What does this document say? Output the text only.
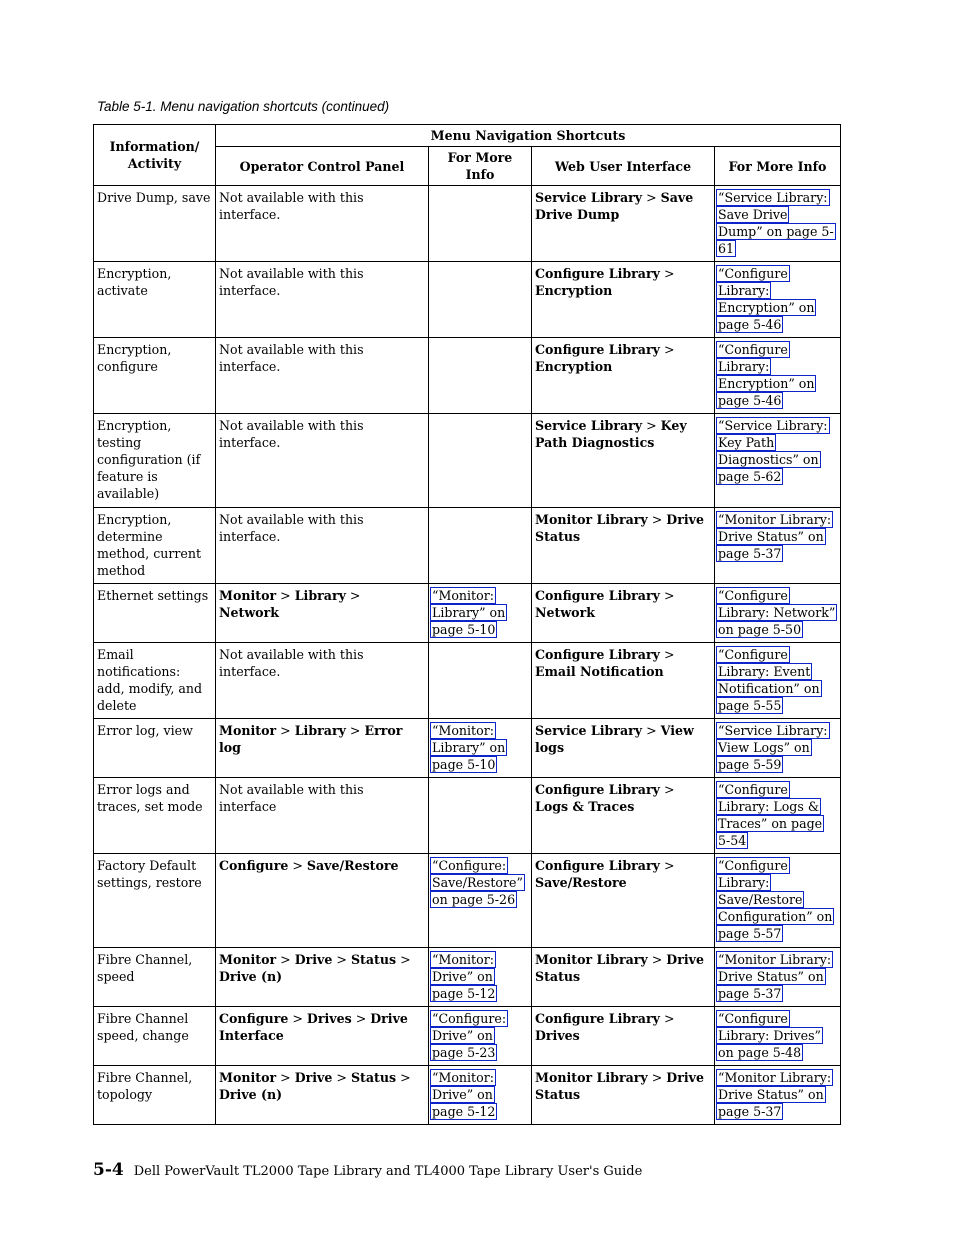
Table 5-1. Menu navigation shortcuts (continued)
Information/ Activity	Menu Navigation Shortcuts			
	Operator Control Panel	For More Info	Web User Interface	For More Info
Drive Dump, save	Not available with this interface.		Service Library > Save Drive Dump	“Service Library: Save Drive Dump” on page 5-61
Encryption, activate	Not available with this interface.		Configure Library > Encryption	“Configure Library: Encryption” on page 5-46
Encryption, configure	Not available with this interface.		Configure Library > Encryption	“Configure Library: Encryption” on page 5-46
Encryption, testing configuration (if feature is available)	Not available with this interface.		Service Library > Key Path Diagnostics	“Service Library: Key Path Diagnostics” on page 5-62
Encryption, determine method, current method	Not available with this interface.		Monitor Library > Drive Status	“Monitor Library: Drive Status” on page 5-37
Ethernet settings	Monitor > Library > Network	“Monitor: Library” on page 5-10	Configure Library > Network	“Configure Library: Network” on page 5-50
Email notifications: add, modify, and delete	Not available with this interface.		Configure Library > Email Notification	“Configure Library: Event Notification” on page 5-55
Error log, view	Monitor > Library > Error log	“Monitor: Library” on page 5-10	Service Library > View logs	“Service Library: View Logs” on page 5-59
Error logs and traces, set mode	Not available with this interface		Configure Library > Logs & Traces	“Configure Library: Logs & Traces” on page 5-54
Factory Default settings, restore	Configure > Save/Restore	“Configure: Save/Restore” on page 5-26	Configure Library > Save/Restore	“Configure Library: Save/Restore Configuration” on page 5-57
Fibre Channel, speed	Monitor > Drive > Status > Drive (n)	“Monitor: Drive” on page 5-12	Monitor Library > Drive Status	“Monitor Library: Drive Status” on page 5-37
Fibre Channel speed, change	Configure > Drives > Drive Interface	“Configure: Drive” on page 5-23	Configure Library > Drives	“Configure Library: Drives” on page 5-48
Fibre Channel, topology	Monitor > Drive > Status > Drive (n)	“Monitor: Drive” on page 5-12	Monitor Library > Drive Status	“Monitor Library: Drive Status” on page 5-37
5-4 Dell PowerVault TL2000 Tape Library and TL4000 Tape Library User's Guide
